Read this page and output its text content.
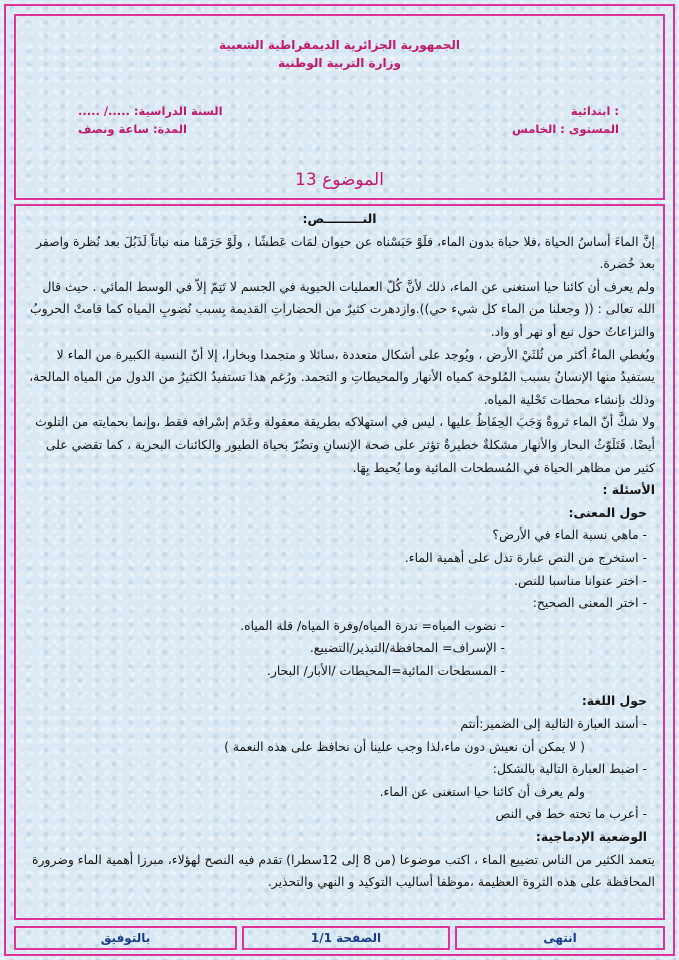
الجمهورية الجزائرية الديمقراطية الشعبية
وزارة التربية الوطنية
ابتدائية :
المستوى : الخامس
السنة الدراسية: ...../ .....
المدة: ساعة ونصف
الموضوع 13

النـــــــــص:

إنَّ الماءَ أساسُ الحياة ،فلا حياة بدون الماء، فلَوْ حَبَسْناه عن حيوان لمَات عَطشًا ، ولَوْ حَرَمْنا منه نباتاً لَذَبُلَ بعد نُظرة واصفر بعد خُضرة.

ولم يعرف أن كائنا حيا استغنى عن الماء، ذلك لأنَّ كُلّ العمليات الحيوية في الجسم لا تَتِمّ إلاّ في الوسط المائي . حيث قال الله تعالى : (( وجعلنا من الماء كل شيء حي)).وازدهرت كثيرٌ من الحضاراتِ القديمة بِسبب نُضوبِ المياه كما قامتْ الحروبُ والنزاعاتُ حول نبع أو نهر أو واد.

ويُغطي الماءُ أكثر من ثُلثَيْ الأرض ، ويُوجد على أشكال متعددة ،سائلا و متجمدا وبخارا، إلا أنّ النسبة الكبيرة من الماء لا يستفيدُ منها الإنسانُ بسبب المُلوحة كمياه الأنهار والمحيطاتِ و التجمد. ورُغم هذا تستفيدُ الكثيرُ من الدول من المياه المالحة، وذلك بإنشاء محطات تَحْلية المياه.

ولا شكَّ أنّ الماء ثروةٌ وَجَبَ الحِفَاظُ عليها ، ليس في استهلاكه بطريقة معقولة وعَدَم إسْرافه فقط ،وإنما بحمايته من التلوث أيضًا. فَتَلَوّثُ البحار والأنهار مشكلةٌ خطيرةٌ تؤثر على صحة الإنسانِ وتضُرّ بحياة الطيور والكائنات البحرية ، كما تقضي على كثير من مظاهر الحياة في المُسطحات المائية وما يُحيط بِهَا.

الأسئلة :

حول المعنى:

- ماهي نسبة الماء في الأرض؟

- استخرج من النص عبارة تدل على أهمية الماء.

- اختر عنوانا مناسبا للنص.

- اختر المعنى الصحيح:

- نضوب المياه= ندرة المياه/وفرة المياه/ قلة المياه.

- الإسراف= المحافظة/التبذير/التضييع.

- المسطحات المائية=المحيطات /الأبار/ البحار.

حول اللغة:

- أسند العبارة التالية إلى الضمير:أنتم

( لا يمكن أن نعيش دون ماء،لذا وجب علينا أن نحافظ على هذه النعمة )

- اضبط العبارة التالية بالشكل:

ولم يعرف أن كائنا حيا استغنى عن الماء.

- أعرب ما تحته خط في النص

الوضعية الإدماجية:

يتعمد الكثير من الناس تضييع الماء ، اكتب موضوعا (من 8 إلى 12سطرا) تقدم فيه النصح لهؤلاء، مبرزا أهمية الماء وضرورة المحافظة على هذه الثروة العظيمة ،موظفا أساليب التوكيد و النهي والتحذير.

انتهى
الصفحة 1/1
بالتوفيق
